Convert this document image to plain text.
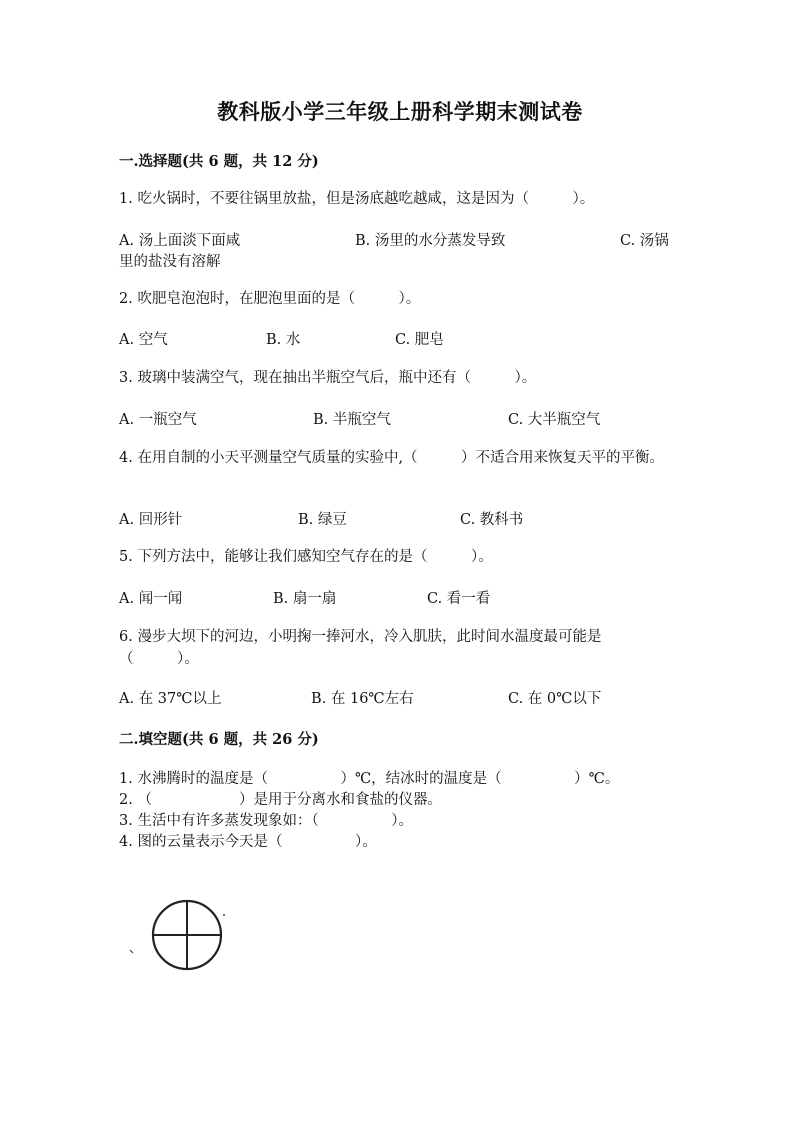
教科版小学三年级上册科学期末测试卷
一.选择题(共 6 题，共 12 分)
1. 吃火锅时，不要往锅里放盐，但是汤底越吃越咸，这是因为（　　　）。
A. 汤上面淡下面咸	B. 汤里的水分蒸发导致	C. 汤锅
里的盐没有溶解
2. 吹肥皂泡泡时，在肥泡里面的是（　　　）。
A. 空气	B. 水	C. 肥皂
3. 玻璃中装满空气，现在抽出半瓶空气后，瓶中还有（　　　）。
A. 一瓶空气	B. 半瓶空气	C. 大半瓶空气
4. 在用自制的小天平测量空气质量的实验中,（　　　）不适合用来恢复天平的平衡。
A. 回形针	B. 绿豆	C. 教科书
5. 下列方法中，能够让我们感知空气存在的是（　　　）。
A. 闻一闻	B. 扇一扇	C. 看一看
6. 漫步大坝下的河边，小明掬一捧河水，冷入肌肤，此时间水温度最可能是（　　　）。
A. 在 37℃以上	B. 在 16℃左右	C. 在 0℃以下
二.填空题(共 6 题，共 26 分)
1. 水沸腾时的温度是（　　　　　）℃，结冰时的温度是（　　　　　）℃。
2. （　　　　　　）是用于分离水和食盐的仪器。
3. 生活中有许多蒸发现象如：（　　　　　）。
4. 图的云量表示今天是（　　　　　）。
